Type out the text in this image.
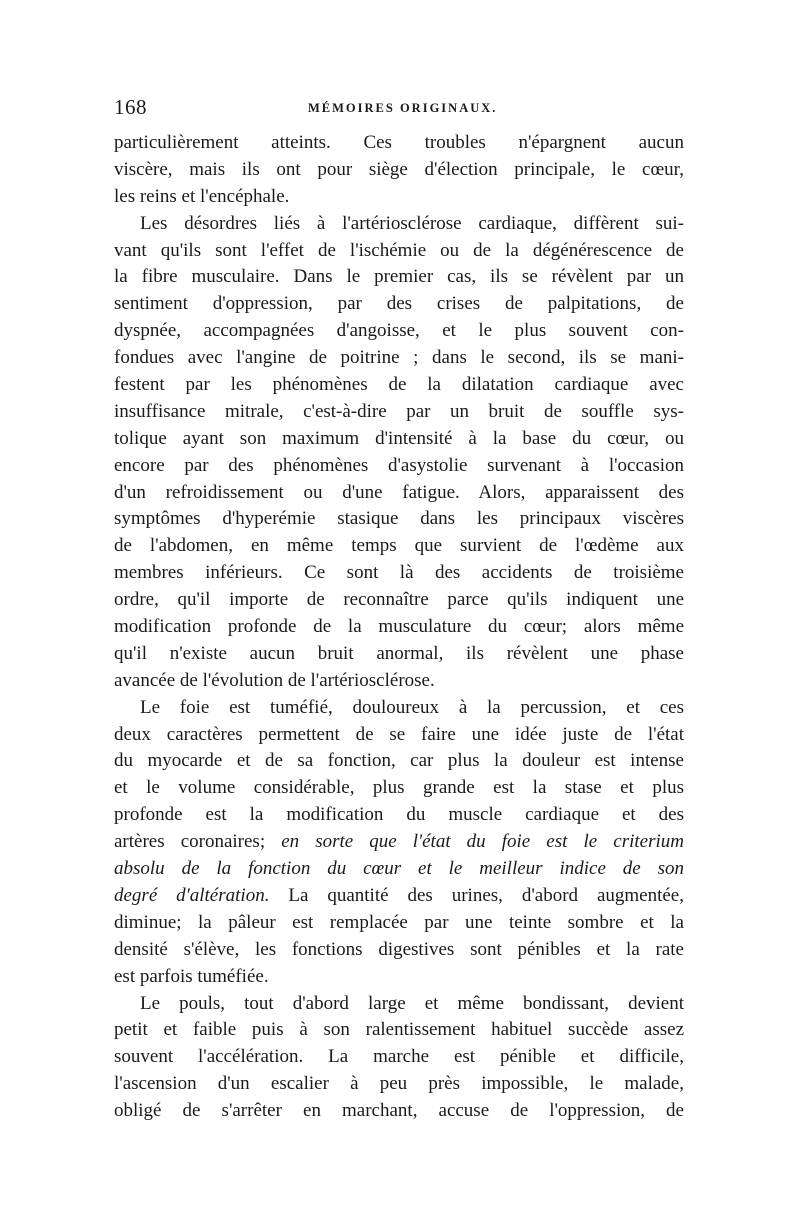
168	MÉMOIRES ORIGINAUX.
particulièrement atteints. Ces troubles n'épargnent aucun
viscère, mais ils ont pour siège d'élection principale, le cœur,
les reins et l'encéphale.
Les désordres liés à l'artériosclérose cardiaque, diffèrent sui-
vant qu'ils sont l'effet de l'ischémie ou de la dégénérescence de
la fibre musculaire. Dans le premier cas, ils se révèlent par un
sentiment d'oppression, par des crises de palpitations, de
dyspnée, accompagnées d'angoisse, et le plus souvent con-
fondues avec l'angine de poitrine ; dans le second, ils se mani-
festent par les phénomènes de la dilatation cardiaque avec
insuffisance mitrale, c'est-à-dire par un bruit de souffle sys-
tolique ayant son maximum d'intensité à la base du cœur, ou
encore par des phénomènes d'asystolie survenant à l'occasion
d'un refroidissement ou d'une fatigue. Alors, apparaissent des
symptômes d'hyperémie stasique dans les principaux viscères
de l'abdomen, en même temps que survient de l'œdème aux
membres inférieurs. Ce sont là des accidents de troisième
ordre, qu'il importe de reconnaître parce qu'ils indiquent une
modification profonde de la musculature du cœur; alors même
qu'il n'existe aucun bruit anormal, ils révèlent une phase
avancée de l'évolution de l'artériosclérose.
Le foie est tuméfié, douloureux à la percussion, et ces
deux caractères permettent de se faire une idée juste de l'état
du myocarde et de sa fonction, car plus la douleur est intense
et le volume considérable, plus grande est la stase et plus
profonde est la modification du muscle cardiaque et des
artères coronaires; en sorte que l'état du foie est le criterium
absolu de la fonction du cœur et le meilleur indice de son
degré d'altération. La quantité des urines, d'abord augmentée,
diminue; la pâleur est remplacée par une teinte sombre et la
densité s'élève, les fonctions digestives sont pénibles et la rate
est parfois tuméfiée.
Le pouls, tout d'abord large et même bondissant, devient
petit et faible puis à son ralentissement habituel succède assez
souvent l'accélération. La marche est pénible et difficile,
l'ascension d'un escalier à peu près impossible, le malade,
obligé de s'arrêter en marchant, accuse de l'oppression, de
